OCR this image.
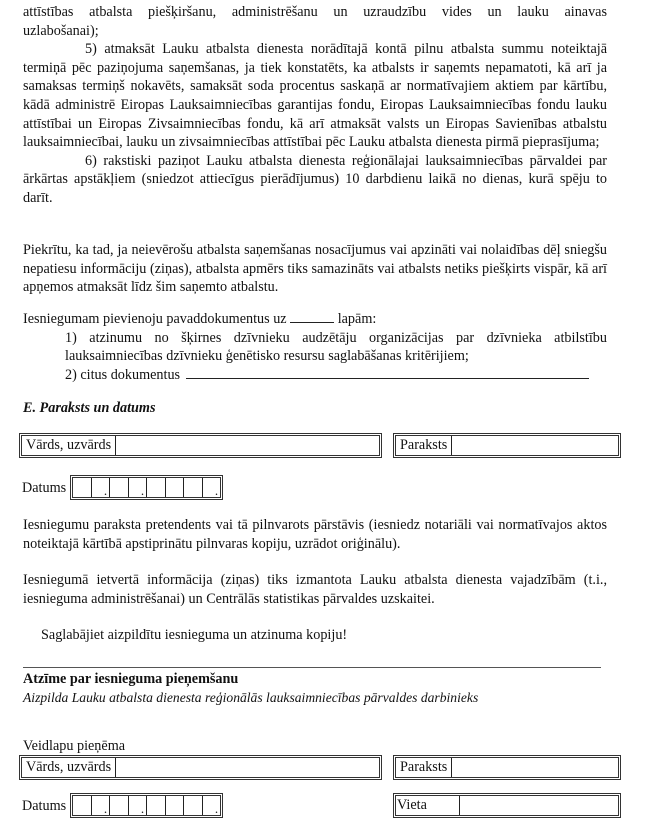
attīstības atbalsta piešķiršanu, administrēšanu un uzraudzību vides un lauku ainavas

uzlabošanai);

5) atmaksāt Lauku atbalsta dienesta norādītajā kontā pilnu atbalsta summu noteiktajā termiņā pēc paziņojuma saņemšanas, ja tiek konstatēts, ka atbalsts ir saņemts nepamatoti, kā arī ja samaksas termiņš nokavēts, samaksāt soda procentus saskaņā ar normatīvajiem aktiem par kārtību, kādā administrē Eiropas Lauksaimniecības garantijas fondu, Eiropas Lauksaimniecības fondu lauku attīstībai un Eiropas Zivsaimniecības fondu, kā arī atmaksāt valsts un Eiropas Savienības atbalstu lauksaimniecībai, lauku un zivsaimniecības attīstībai pēc Lauku atbalsta dienesta pirmā pieprasījuma;

6) rakstiski paziņot Lauku atbalsta dienesta reģionālajai lauksaimniecības pārvaldei par ārkārtas apstākļiem (sniedzot attiecīgus pierādījumus) 10 darbdienu laikā no dienas, kurā spēju to darīt.

Piekrītu, ka tad, ja neievērošu atbalsta saņemšanas nosacījumus vai apzināti vai nolaidības dēļ sniegšu nepatiesu informāciju (ziņas), atbalsta apmērs tiks samazināts vai atbalsts netiks piešķirts vispār, kā arī apņemos atmaksāt līdz šim saņemto atbalstu.

Iesniegumam pievienoju pavaddokumentus uz	lapām:

1) atzinumu no šķirnes dzīvnieku audzētāju organizācijas par dzīvnieka atbilstību lauksaimniecības dzīvnieku ģenētisko resursu saglabāšanas kritērijiem;

2) citus dokumentus

E. Paraksts un datums

Vārds, uzvārds	Paraksts
Datums
.
.
.

Iesniegumu paraksta pretendents vai tā pilnvarots pārstāvis (iesniedz notariāli vai normatīvajos aktos noteiktajā kārtībā apstiprinātu pilnvaras kopiju, uzrādot oriģinālu).

Iesniegumā ietvertā informācija (ziņas) tiks izmantota Lauku atbalsta dienesta vajadzībām (t.i., iesnieguma administrēšanai) un Centrālās statistikas pārvaldes uzskaitei.

Saglabājiet aizpildītu iesnieguma un atzinuma kopiju!

Atzīme par iesnieguma pieņemšanu

Aizpilda Lauku atbalsta dienesta reģionālās lauksaimniecības pārvaldes darbinieks

Veidlapu pieņēma

Vārds, uzvārds	Paraksts
Datums . . .	Vieta
